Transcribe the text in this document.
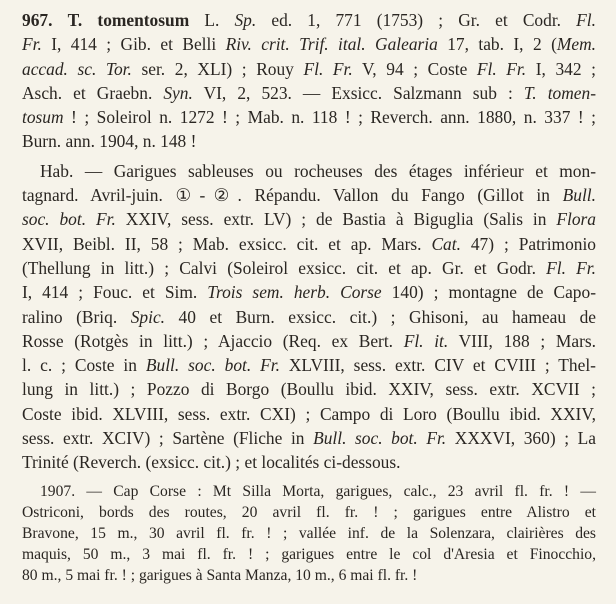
967. T. tomentosum L. Sp. ed. 1, 771 (1753) ; Gr. et Codr. Fl.
Fr. I, 414 ; Gib. et Belli Riv. crit. Trif. ital. Galearia 17, tab. I, 2 (Mem.
accad. sc. Tor. ser. 2, XLI) ; Rouy Fl. Fr. V, 94 ; Coste Fl. Fr. I, 342 ;
Asch. et Graebn. Syn. VI, 2, 523. — Exsicc. Salzmann sub : T. tomen-
tosum ! ; Soleirol n. 1272 ! ; Mab. n. 118 ! ; Reverch. ann. 1880, n. 337 ! ;
Burn. ann. 1904, n. 148 !
Hab. — Garigues sableuses ou rocheuses des étages inférieur et mon-
tagnard. Avril-juin. ①-②. Répandu. Vallon du Fango (Gillot in Bull.
soc. bot. Fr. XXIV, sess. extr. LV) ; de Bastia à Biguglia (Salis in Flora
XVII, Beibl. II, 58 ; Mab. exsicc. cit. et ap. Mars. Cat. 47) ; Patrimonio
(Thellung in litt.) ; Calvi (Soleirol exsicc. cit. et ap. Gr. et Godr. Fl. Fr.
I, 414 ; Fouc. et Sim. Trois sem. herb. Corse 140) ; montagne de Capo-
ralino (Briq. Spic. 40 et Burn. exsicc. cit.) ; Ghisoni, au hameau de
Rosse (Rotgès in litt.) ; Ajaccio (Req. ex Bert. Fl. it. VIII, 188 ; Mars.
l. c. ; Coste in Bull. soc. bot. Fr. XLVIII, sess. extr. CIV et CVIII ; Thel-
lung in litt.) ; Pozzo di Borgo (Boullu ibid. XXIV, sess. extr. XCVII ;
Coste ibid. XLVIII, sess. extr. CXI) ; Campo di Loro (Boullu ibid. XXIV,
sess. extr. XCIV) ; Sartène (Fliche in Bull. soc. bot. Fr. XXXVI, 360) ; La
Trinité (Reverch. (exsicc. cit.) ; et localités ci-dessous.
1907. — Cap Corse : Mt Silla Morta, garigues, calc., 23 avril fl. fr. ! —
Ostriconi, bords des routes, 20 avril fl. fr. ! ; garigues entre Alistro et
Bravone, 15 m., 30 avril fl. fr. ! ; vallée inf. de la Solenzara, clairières des
maquis, 50 m., 3 mai fl. fr. ! ; garigues entre le col d'Aresia et Finocchio,
80 m., 5 mai fr. ! ; garigues à Santa Manza, 10 m., 6 mai fl. fr. !
